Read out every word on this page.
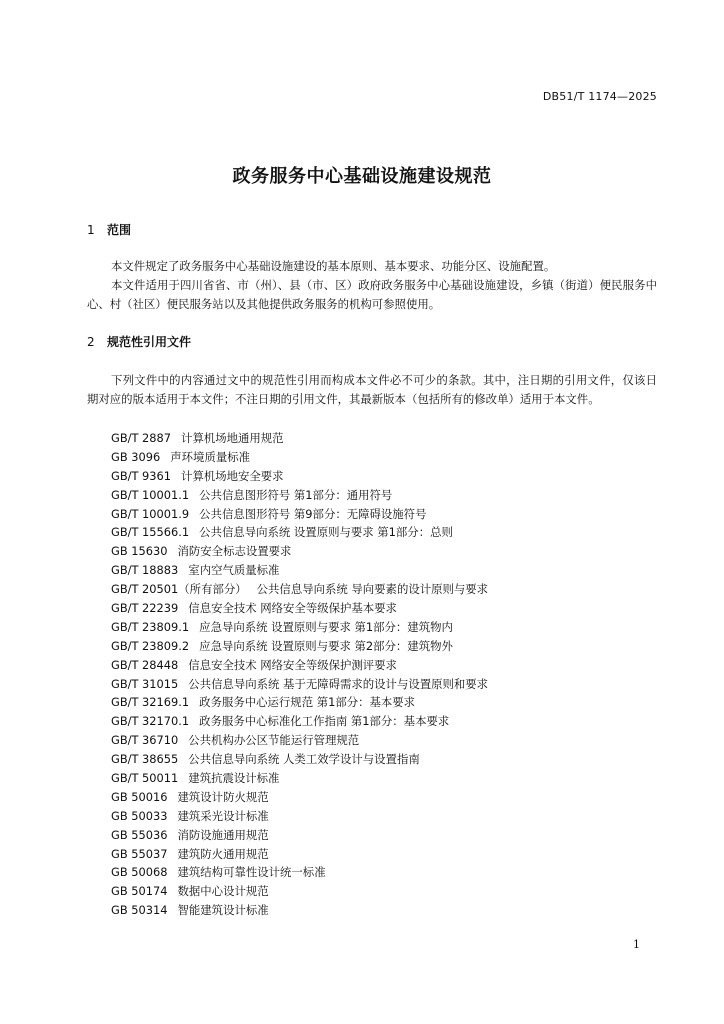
DB51/T 1174—2025
政务服务中心基础设施建设规范
1 范围

本文件规定了政务服务中心基础设施建设的基本原则、基本要求、功能分区、设施配置。

本文件适用于四川省省、市（州）、县（市、区）政府政务服务中心基础设施建设，乡镇（街道）便民服务中心、村（社区）便民服务站以及其他提供政务服务的机构可参照使用。

2 规范性引用文件

下列文件中的内容通过文中的规范性引用而构成本文件必不可少的条款。其中，注日期的引用文件，仅该日期对应的版本适用于本文件；不注日期的引用文件，其最新版本（包括所有的修改单）适用于本文件。

GB/T 2887 计算机场地通用规范
GB 3096 声环境质量标准
GB/T 9361 计算机场地安全要求
GB/T 10001.1 公共信息图形符号 第1部分：通用符号
GB/T 10001.9 公共信息图形符号 第9部分：无障碍设施符号
GB/T 15566.1 公共信息导向系统 设置原则与要求 第1部分：总则
GB 15630 消防安全标志设置要求
GB/T 18883 室内空气质量标准
GB/T 20501（所有部分） 公共信息导向系统 导向要素的设计原则与要求
GB/T 22239 信息安全技术 网络安全等级保护基本要求
GB/T 23809.1 应急导向系统 设置原则与要求 第1部分：建筑物内
GB/T 23809.2 应急导向系统 设置原则与要求 第2部分：建筑物外
GB/T 28448 信息安全技术 网络安全等级保护测评要求
GB/T 31015 公共信息导向系统 基于无障碍需求的设计与设置原则和要求
GB/T 32169.1 政务服务中心运行规范 第1部分：基本要求
GB/T 32170.1 政务服务中心标准化工作指南 第1部分：基本要求
GB/T 36710 公共机构办公区节能运行管理规范
GB/T 38655 公共信息导向系统 人类工效学设计与设置指南
GB/T 50011 建筑抗震设计标准
GB 50016 建筑设计防火规范
GB 50033 建筑采光设计标准
GB 55036 消防设施通用规范
GB 55037 建筑防火通用规范
GB 50068 建筑结构可靠性设计统一标准
GB 50174 数据中心设计规范
GB 50314 智能建筑设计标准
1
